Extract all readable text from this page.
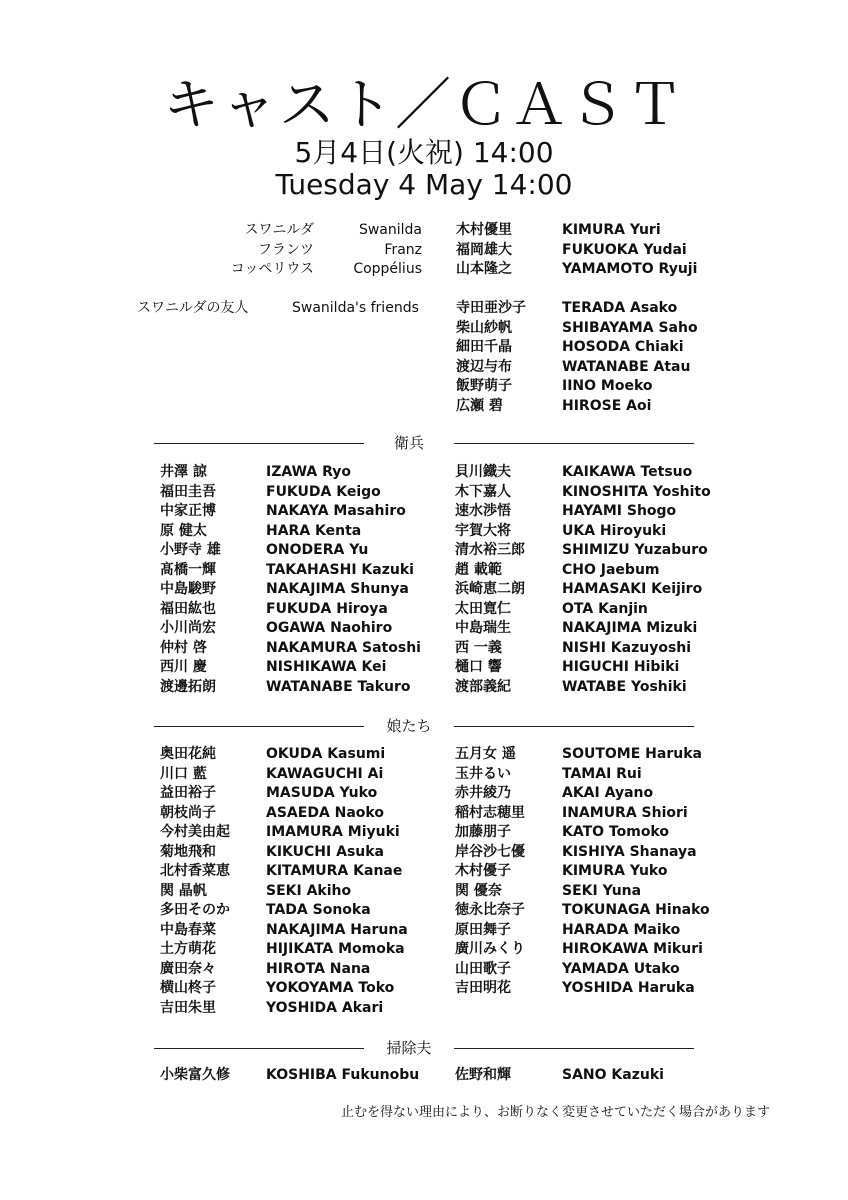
キャスト／ＣＡＳＴ
5月4日(火祝) 14:00
Tuesday 4 May 14:00
スワニルダ	Swanilda 木村優里	KIMURA Yuri
フランツ	Franz 福岡雄大	FUKUOKA Yudai
コッペリウス	Coppélius 山本隆之	YAMAMOTO Ryuji
スワニルダの友人	Swanilda's friends	寺田亜沙子	TERADA Asako
柴山紗帆	SHIBAYAMA Saho
細田千晶	HOSODA Chiaki
渡辺与布	WATANABE Atau
飯野萌子	IINO Moeko
広瀬 碧	HIROSE Aoi
衛兵
井澤 諒	IZAWA Ryo	貝川鐵夫	KAIKAWA Tetsuo
福田圭吾	FUKUDA Keigo	木下嘉人	KINOSHITA Yoshito
中家正博	NAKAYA Masahiro	速水渉悟	HAYAMI Shogo
原 健太	HARA Kenta	宇賀大将	UKA Hiroyuki
小野寺 雄	ONODERA Yu	清水裕三郎	SHIMIZU Yuzaburo
髙橋一輝	TAKAHASHI Kazuki	趙 載範	CHO Jaebum
中島駿野	NAKAJIMA Shunya	浜崎恵二朗	HAMASAKI Keijiro
福田紘也	FUKUDA Hiroya	太田寛仁	OTA Kanjin
小川尚宏	OGAWA Naohiro	中島瑞生	NAKAJIMA Mizuki
仲村 啓	NAKAMURA Satoshi 西 一義	NISHI Kazuyoshi
西川 慶	NISHIKAWA Kei	樋口 響	HIGUCHI Hibiki
渡邊拓朗	WATANABE Takuro	渡部義紀	WATABE Yoshiki
娘たち
奥田花純	OKUDA Kasumi	五月女 遥	SOUTOME Haruka
川口 藍	KAWAGUCHI Ai	玉井るい	TAMAI Rui
益田裕子	MASUDA Yuko	赤井綾乃	AKAI Ayano
朝枝尚子	ASAEDA Naoko	稲村志穂里	INAMURA Shiori
今村美由起	IMAMURA Miyuki	加藤朋子	KATO Tomoko
菊地飛和	KIKUCHI Asuka	岸谷沙七優	KISHIYA Shanaya
北村香菜恵	KITAMURA Kanae	木村優子	KIMURA Yuko
関 晶帆	SEKI Akiho	関 優奈	SEKI Yuna
多田そのか	TADA Sonoka	徳永比奈子	TOKUNAGA Hinako
中島春菜	NAKAJIMA Haruna	原田舞子	HARADA Maiko
土方萌花	HIJIKATA Momoka	廣川みくり	HIROKAWA Mikuri
廣田奈々	HIROTA Nana	山田歌子	YAMADA Utako
横山柊子	YOKOYAMA Toko	吉田明花	YOSHIDA Haruka
吉田朱里	YOSHIDA Akari
掃除夫
小柴富久修	KOSHIBA Fukunobu	佐野和輝	SANO Kazuki
止むを得ない理由により、お断りなく変更させていただく場合があります
